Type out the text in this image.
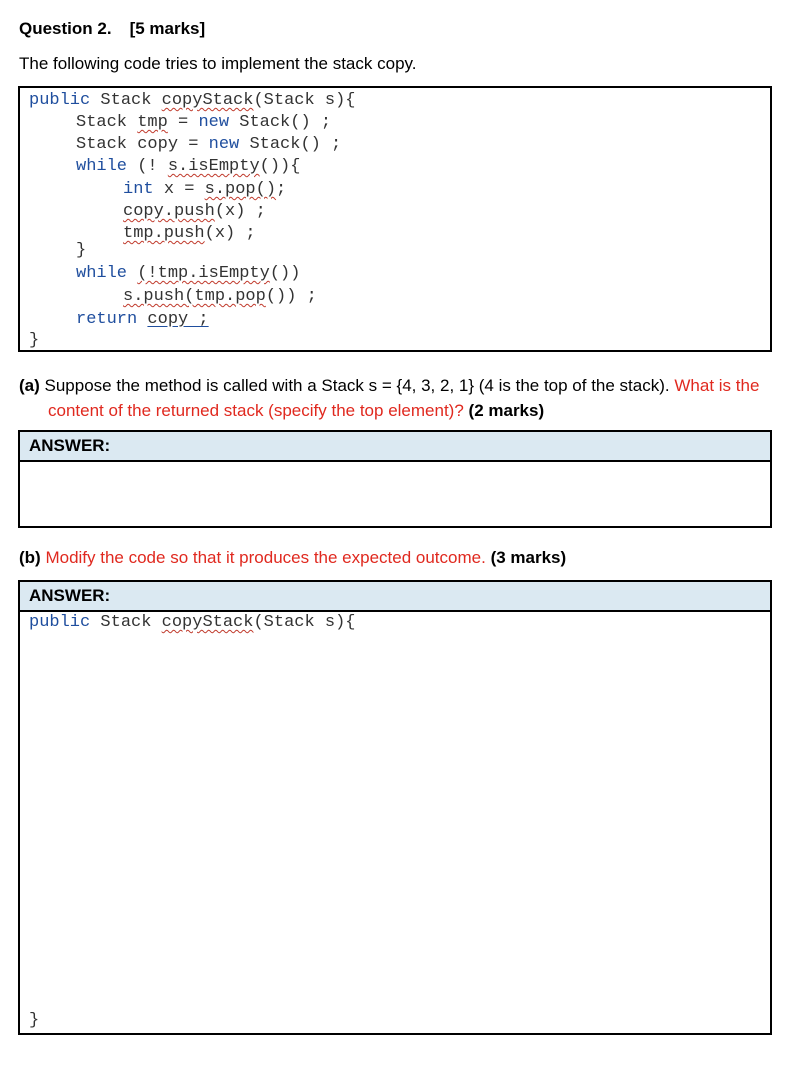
Question 2. [5 marks]
The following code tries to implement the stack copy.
public Stack copyStack(Stack s){
Stack tmp = new Stack() ;
Stack copy = new Stack() ;
while (! s.isEmpty()){
int x = s.pop();
copy.push(x) ;
tmp.push(x) ;
}
while (!tmp.isEmpty())
s.push(tmp.pop()) ;
return copy ;
}
(a) Suppose the method is called with a Stack s = {4, 3, 2, 1} (4 is the top of the stack). What is the content of the returned stack (specify the top element)? (2 marks)
ANSWER:
(b) Modify the code so that it produces the expected outcome. (3 marks)
ANSWER:
public Stack copyStack(Stack s){
}
